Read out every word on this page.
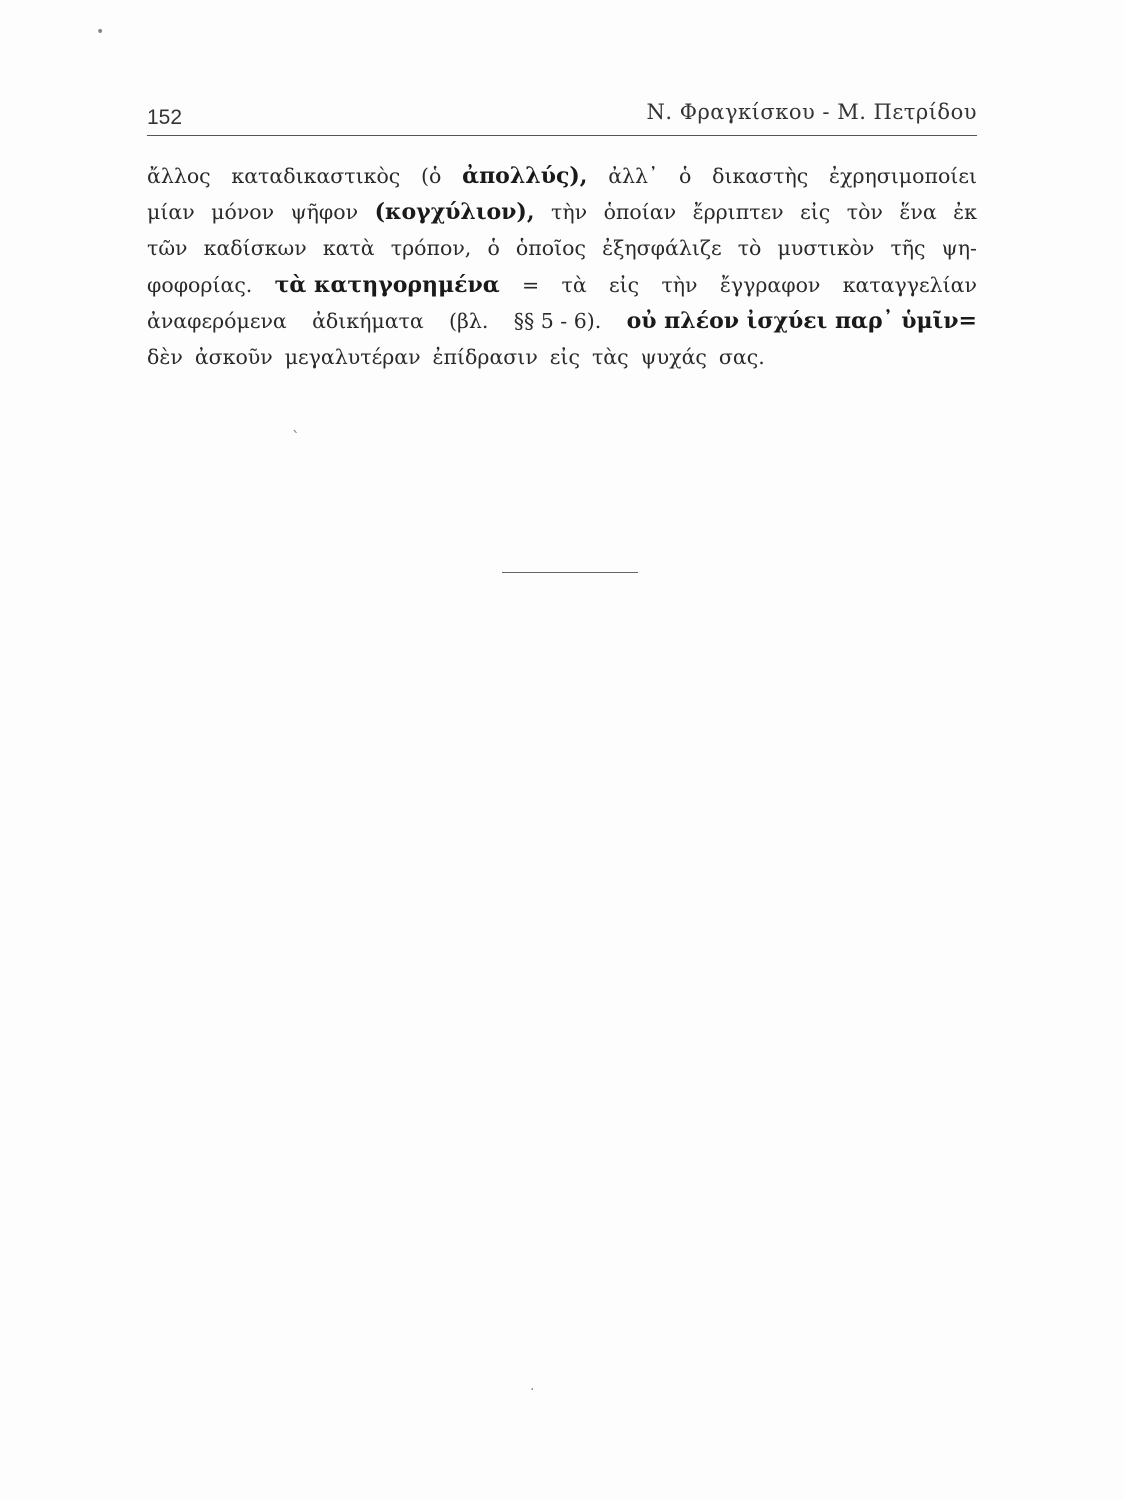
•
152	Ν. Φραγκίσκου - Μ. Πετρίδου
ἄλλος καταδικαστικὸς (ὁ ἀπολλύς), ἀλλ᾽ ὁ δικαστὴς ἐχρησιμοποίει
μίαν μόνον ψῆφον (κογχύλιον), τὴν ὁποίαν ἔρριπτεν εἰς τὸν ἕνα ἐκ
τῶν καδίσκων κατὰ τρόπον, ὁ ὁποῖος ἐξησφάλιζε τὸ μυστικὸν τῆς ψη-
φοφορίας. τὰ κατηγορημένα = τὰ εἰς τὴν ἔγγραφον καταγγελίαν
ἀναφερόμενα ἀδικήματα (βλ. §§ 5 - 6). οὐ πλέον ἰσχύει παρ᾽ ὑμῖν=
δὲν ἀσκοῦν μεγαλυτέραν ἐπίδρασιν εἰς τὰς ψυχάς σας.
ˋ
·
